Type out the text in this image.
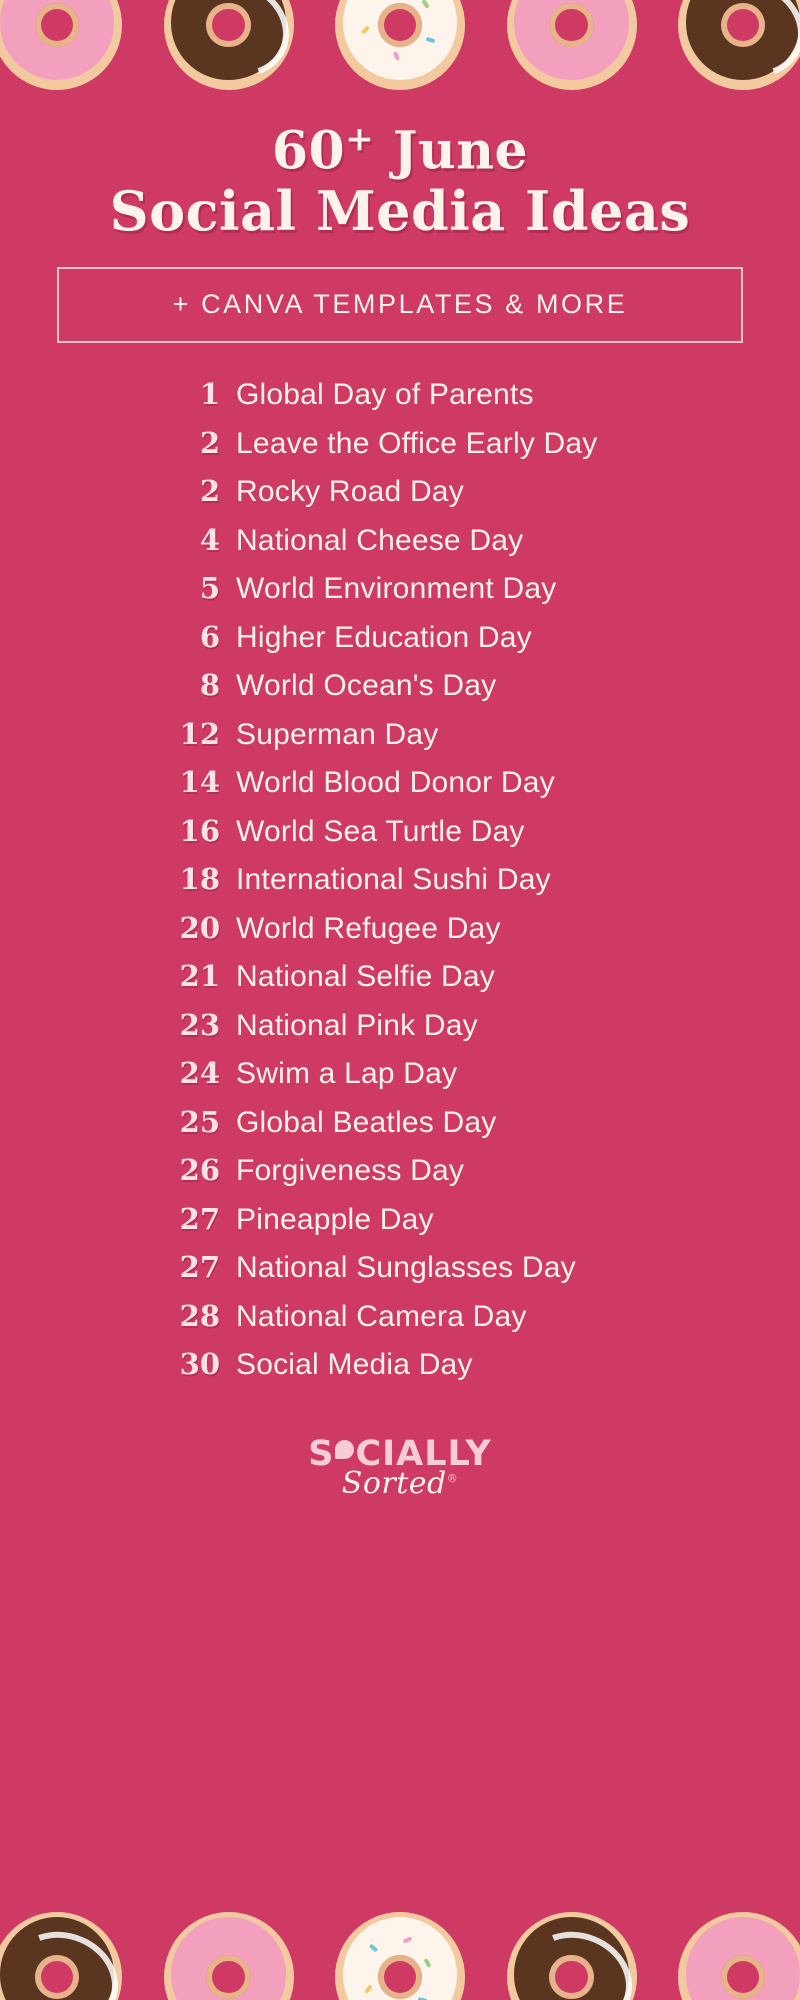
60+ June
Social Media Ideas
+ CANVA TEMPLATES & MORE
1 Global Day of Parents
2 Leave the Office Early Day
2 Rocky Road Day
4 National Cheese Day
5 World Environment Day
6 Higher Education Day
8 World Ocean's Day
12 Superman Day
14 World Blood Donor Day
16 World Sea Turtle Day
18 International Sushi Day
20 World Refugee Day
21 National Selfie Day
23 National Pink Day
24 Swim a Lap Day
25 Global Beatles Day
26 Forgiveness Day
27 Pineapple Day
27 National Sunglasses Day
28 National Camera Day
30 Social Media Day
S CIALLY
Sorted®
